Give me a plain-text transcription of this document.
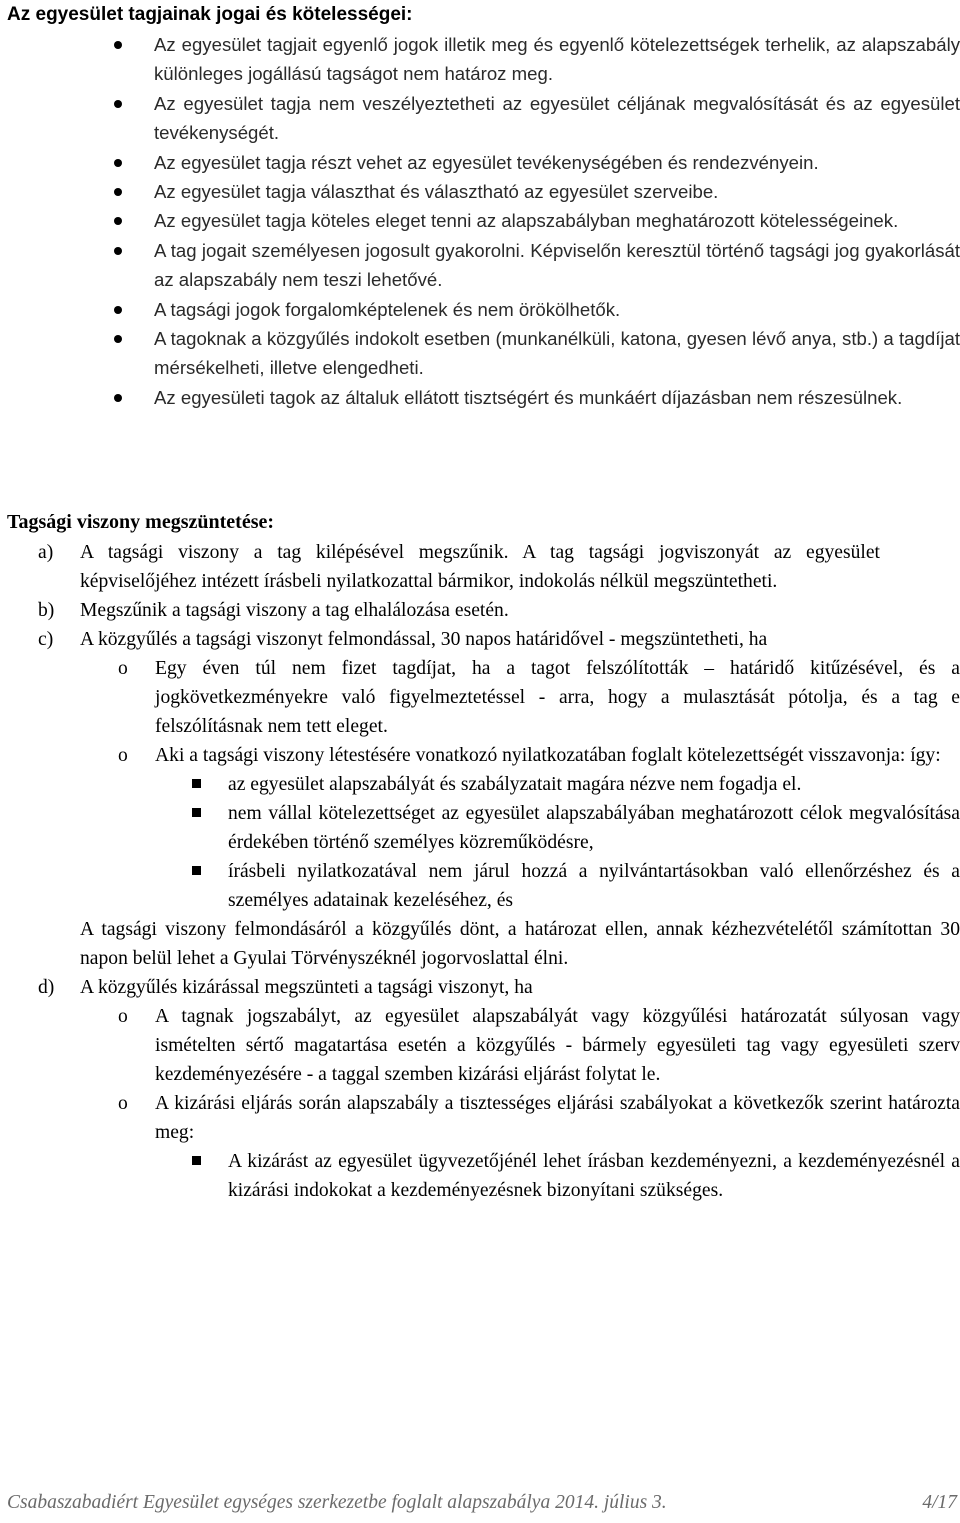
Az egyesület tagjainak jogai és kötelességei:
Az egyesület tagjait egyenlő jogok illetik meg és egyenlő kötelezettségek terhelik, az alapszabály különleges jogállású tagságot nem határoz meg.
Az egyesület tagja nem veszélyeztetheti az egyesület céljának megvalósítását és az egyesület tevékenységét.
Az egyesület tagja részt vehet az egyesület tevékenységében és rendezvényein.
Az egyesület tagja választhat és választható az egyesület szerveibe.
Az egyesület tagja köteles eleget tenni az alapszabályban meghatározott kötelességeinek.
A tag jogait személyesen jogosult gyakorolni. Képviselőn keresztül történő tagsági jog gyakorlását az alapszabály nem teszi lehetővé.
A tagsági jogok forgalomképtelenek és nem örökölhetők.
A tagoknak a közgyűlés indokolt esetben (munkanélküli, katona, gyesen lévő anya, stb.) a tagdíjat mérsékelheti, illetve elengedheti.
Az egyesületi tagok az általuk ellátott tisztségért és munkáért díjazásban nem részesülnek.
Tagsági viszony megszüntetése:
a) A tagsági viszony a tag kilépésével megszűnik. A tag tagsági jogviszonyát az egyesület képviselőjéhez intézett írásbeli nyilatkozattal bármikor, indokolás nélkül megszüntetheti.
b) Megszűnik a tagsági viszony a tag elhalálozása esetén.
c) A közgyűlés a tagsági viszonyt felmondással, 30 napos határidővel - megszüntetheti, ha
o Egy éven túl nem fizet tagdíjat, ha a tagot felszólították – határidő kitűzésével, és a jogkövetkezményekre való figyelmeztetéssel - arra, hogy a mulasztását pótolja, és a tag e felszólításnak nem tett eleget.
o Aki a tagsági viszony létestésére vonatkozó nyilatkozatában foglalt kötelezettségét visszavonja: így:
az egyesület alapszabályát és szabályzatait magára nézve nem fogadja el.
nem vállal kötelezettséget az egyesület alapszabályában meghatározott célok megvalósítása érdekében történő személyes közreműködésre,
írásbeli nyilatkozatával nem járul hozzá a nyilvántartásokban való ellenőrzéshez és a személyes adatainak kezeléséhez, és
A tagsági viszony felmondásáról a közgyűlés dönt, a határozat ellen, annak kézhezvételétől számítottan 30 napon belül lehet a Gyulai Törvényszéknél jogorvoslattal élni.
d) A közgyűlés kizárással megszünteti a tagsági viszonyt, ha
o A tagnak jogszabályt, az egyesület alapszabályát vagy közgyűlési határozatát súlyosan vagy ismételten sértő magatartása esetén a közgyűlés - bármely egyesületi tag vagy egyesületi szerv kezdeményezésére - a taggal szemben kizárási eljárást folytat le.
o A kizárási eljárás során alapszabály a tisztességes eljárási szabályokat a következők szerint határozta meg:
A kizárást az egyesület ügyvezetőjénél lehet írásban kezdeményezni, a kezdeményezésnél a kizárási indokokat a kezdeményezésnek bizonyítani szükséges.
Csabaszabadiért Egyesület egységes szerkezetbe foglalt alapszabálya 2014. július 3.	4/17
